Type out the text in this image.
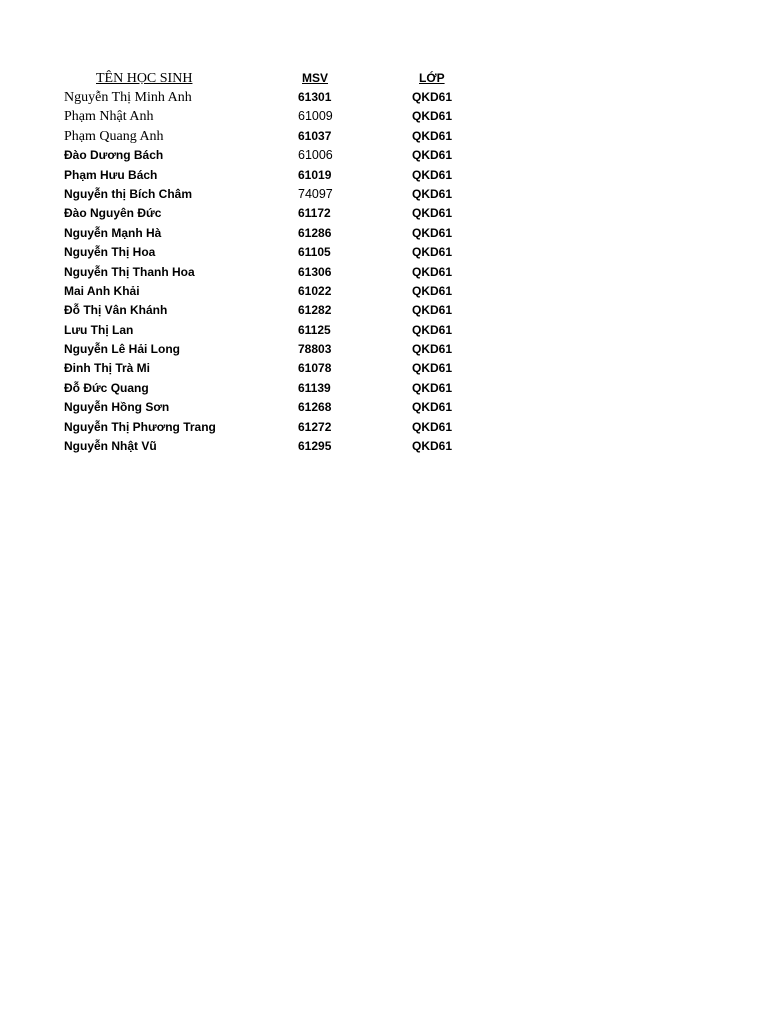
TÊN HỌC SINH	MSV	LỚP
Nguyễn Thị Minh Anh	61301	QKD61
Phạm Nhật Anh	61009	QKD61
Phạm Quang Anh	61037	QKD61
Đào Dương Bách	61006	QKD61
Phạm Hưu Bách	61019	QKD61
Nguyễn thị Bích Châm	74097	QKD61
Đào Nguyên Đức	61172	QKD61
Nguyễn Mạnh Hà	61286	QKD61
Nguyễn Thị Hoa	61105	QKD61
Nguyễn Thị Thanh Hoa	61306	QKD61
Mai Anh Khải	61022	QKD61
Đỗ Thị Vân Khánh	61282	QKD61
Lưu Thị Lan	61125	QKD61
Nguyễn Lê Hải Long	78803	QKD61
Đinh Thị Trà Mi	61078	QKD61
Đỗ Đức Quang	61139	QKD61
Nguyễn Hồng Sơn	61268	QKD61
Nguyễn Thị Phương Trang	61272	QKD61
Nguyễn Nhật Vũ	61295	QKD61
